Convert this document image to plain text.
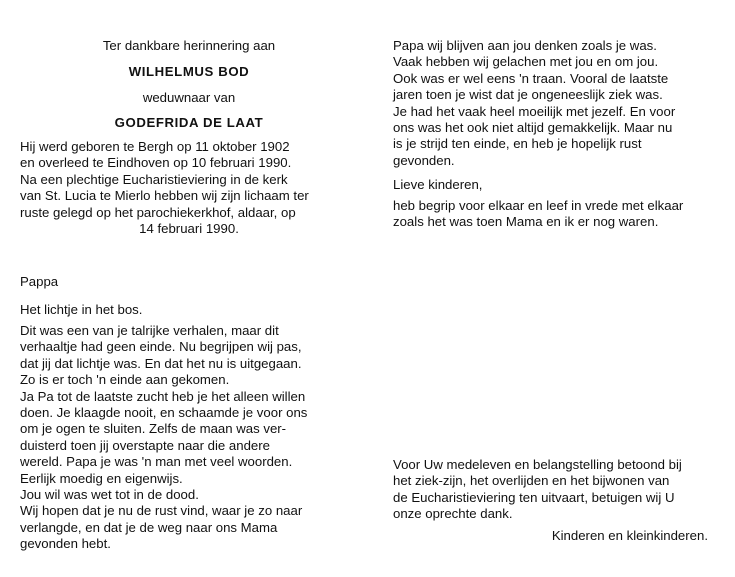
Ter dankbare herinnering aan

WILHELMUS BOD

weduwnaar van

GODEFRIDA DE LAAT

Hij werd geboren te Bergh op 11 oktober 1902

en overleed te Eindhoven op 10 februari 1990.

Na een plechtige Eucharistieviering in de kerk

van St. Lucia te Mierlo hebben wij zijn lichaam ter

ruste gelegd op het parochiekerkhof, aldaar, op

14 februari 1990.

Pappa

Het lichtje in het bos.

Dit was een van je talrijke verhalen, maar dit

verhaaltje had geen einde. Nu begrijpen wij pas,

dat jij dat lichtje was. En dat het nu is uitgegaan.

Zo is er toch 'n einde aan gekomen.

Ja Pa tot de laatste zucht heb je het alleen willen

doen. Je klaagde nooit, en schaamde je voor ons

om je ogen te sluiten. Zelfs de maan was ver-

duisterd toen jij overstapte naar die andere

wereld. Papa je was 'n man met veel woorden.

Eerlijk moedig en eigenwijs.

Jou wil was wet tot in de dood.

Wij hopen dat je nu de rust vind, waar je zo naar

verlangde, en dat je de weg naar ons Mama

gevonden hebt.

Papa wij blijven aan jou denken zoals je was.

Vaak hebben wij gelachen met jou en om jou.

Ook was er wel eens 'n traan. Vooral de laatste

jaren toen je wist dat je ongeneeslijk ziek was.

Je had het vaak heel moeilijk met jezelf. En voor

ons was het ook niet altijd gemakkelijk. Maar nu

is je strijd ten einde, en heb je hopelijk rust

gevonden.

Lieve kinderen,

heb begrip voor elkaar en leef in vrede met elkaar

zoals het was toen Mama en ik er nog waren.

Voor Uw medeleven en belangstelling betoond bij

het ziek-zijn, het overlijden en het bijwonen van

de Eucharistieviering ten uitvaart, betuigen wij U

onze oprechte dank.

Kinderen en kleinkinderen.
